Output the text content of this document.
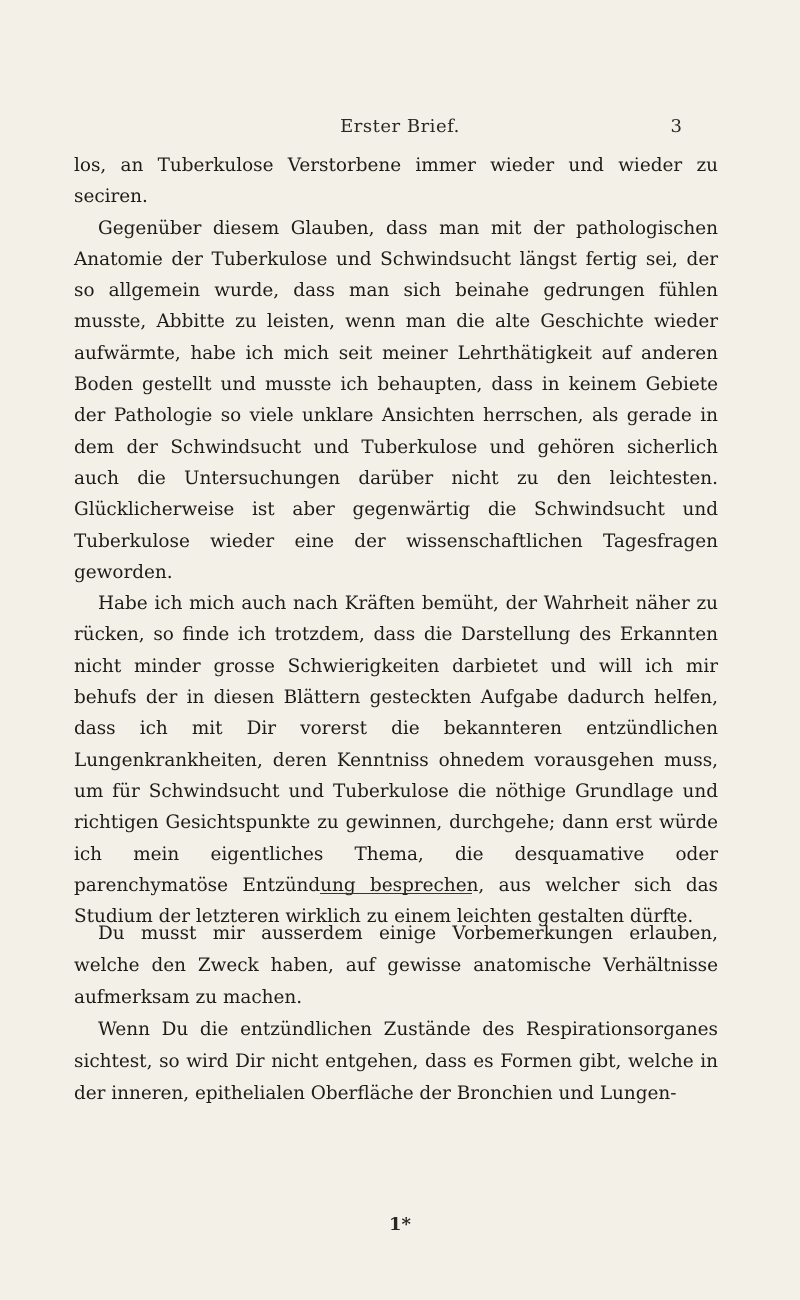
Erster Brief.	3

los, an Tuberkulose Verstorbene immer wieder und wieder zu seciren.

Gegenüber diesem Glauben, dass man mit der pathologischen Anatomie der Tuberkulose und Schwindsucht längst fertig sei, der so allgemein wurde, dass man sich beinahe gedrungen fühlen musste, Abbitte zu leisten, wenn man die alte Geschichte wieder aufwärmte, habe ich mich seit meiner Lehrthätigkeit auf anderen Boden gestellt und musste ich behaupten, dass in keinem Gebiete der Pathologie so viele unklare Ansichten herrschen, als gerade in dem der Schwindsucht und Tuberkulose und gehören sicherlich auch die Untersuchungen darüber nicht zu den leichtesten. Glücklicherweise ist aber gegenwärtig die Schwindsucht und Tuberkulose wieder eine der wissenschaftlichen Tagesfragen geworden.

Habe ich mich auch nach Kräften bemüht, der Wahrheit näher zu rücken, so finde ich trotzdem, dass die Darstellung des Erkannten nicht minder grosse Schwierigkeiten darbietet und will ich mir behufs der in diesen Blättern gesteckten Aufgabe dadurch helfen, dass ich mit Dir vorerst die bekannteren entzündlichen Lungenkrankheiten, deren Kenntniss ohnedem vorausgehen muss, um für Schwindsucht und Tuberkulose die nöthige Grundlage und richtigen Gesichtspunkte zu gewinnen, durchgehe; dann erst würde ich mein eigentliches Thema, die desquamative oder parenchymatöse Entzündung besprechen, aus welcher sich das Studium der letzteren wirklich zu einem leichten gestalten dürfte.

Du musst mir ausserdem einige Vorbemerkungen erlauben, welche den Zweck haben, auf gewisse anatomische Verhältnisse aufmerksam zu machen.

Wenn Du die entzündlichen Zustände des Respirationsorganes sichtest, so wird Dir nicht entgehen, dass es Formen gibt, welche in der inneren, epithelialen Oberfläche der Bronchien und Lungen-

1*
